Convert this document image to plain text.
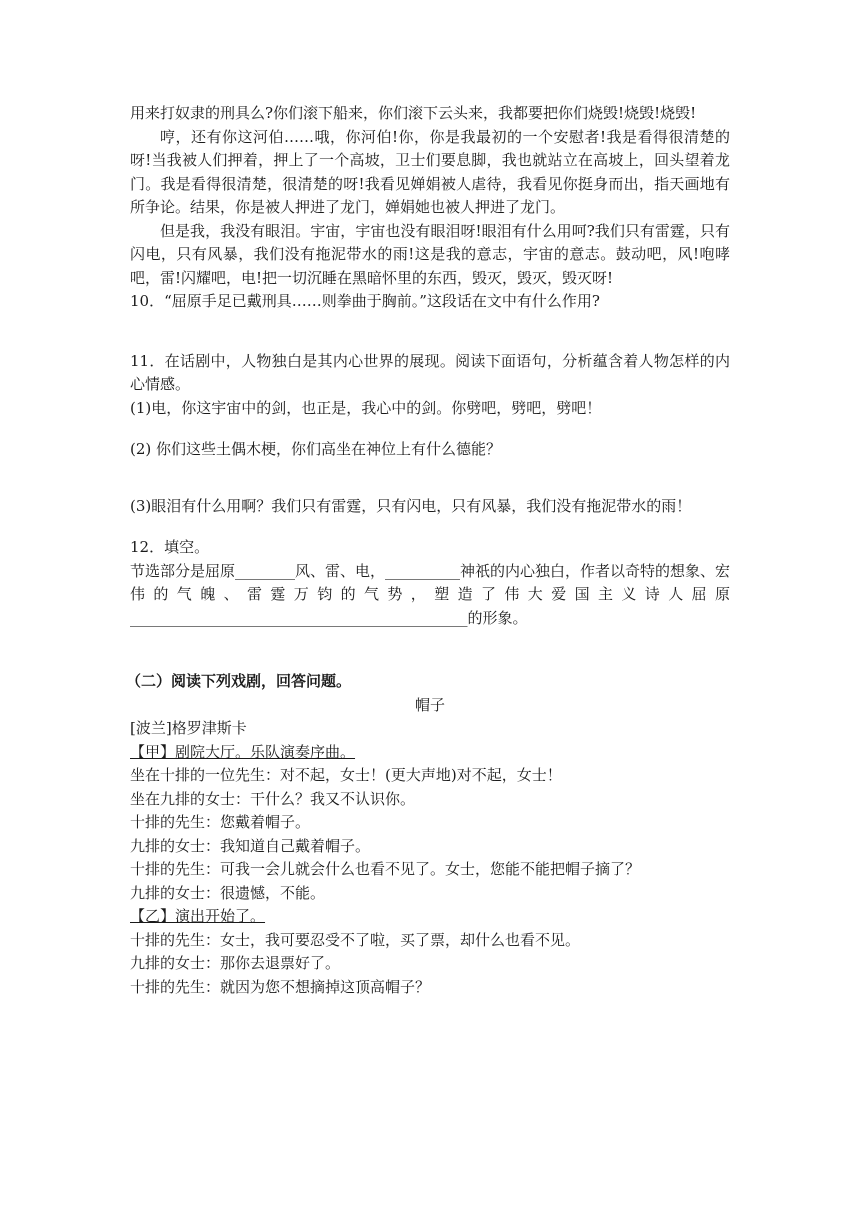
用来打奴隶的刑具么?你们滚下船来，你们滚下云头来，我都要把你们烧毁!烧毁!烧毁!

哼，还有你这河伯……哦，你河伯!你，你是我最初的一个安慰者!我是看得很清楚的呀!当我被人们押着，押上了一个高坡，卫士们要息脚，我也就站立在高坡上，回头望着龙门。我是看得很清楚，很清楚的呀!我看见婵娟被人虐待，我看见你挺身而出，指天画地有所争论。结果，你是被人押进了龙门，婵娟她也被人押进了龙门。

但是我，我没有眼泪。宇宙，宇宙也没有眼泪呀!眼泪有什么用呵?我们只有雷霆，只有闪电，只有风暴，我们没有拖泥带水的雨!这是我的意志，宇宙的意志。鼓动吧，风!咆哮吧，雷!闪耀吧，电!把一切沉睡在黑暗怀里的东西，毁灭，毁灭，毁灭呀!

10．“屈原手足已戴刑具……则拳曲于胸前。”这段话在文中有什么作用?

11．在话剧中，人物独白是其内心世界的展现。阅读下面语句，分析蕴含着人物怎样的内心情感。

(1)电，你这宇宙中的剑，也正是，我心中的剑。你劈吧，劈吧，劈吧！

(2) 你们这些土偶木梗，你们高坐在神位上有什么德能？

(3)眼泪有什么用啊？我们只有雷霆，只有闪电，只有风暴，我们没有拖泥带水的雨！

12．填空。

节选部分是屈原________风、雷、电，__________神祇的内心独白，作者以奇特的想象、宏伟的气魄、雷霆万钧的气势，塑造了伟大爱国主义诗人屈原_____________________________________________的形象。

（二）阅读下列戏剧，回答问题。

帽子

[波兰]格罗津斯卡

【甲】剧院大厅。乐队演奏序曲。

坐在十排的一位先生：对不起，女士！(更大声地)对不起，女士！

坐在九排的女士：干什么？我又不认识你。

十排的先生：您戴着帽子。

九排的女士：我知道自己戴着帽子。

十排的先生：可我一会儿就会什么也看不见了。女士，您能不能把帽子摘了？

九排的女士：很遗憾，不能。

【乙】演出开始了。

十排的先生：女士，我可要忍受不了啦，买了票，却什么也看不见。

九排的女士：那你去退票好了。

十排的先生：就因为您不想摘掉这顶高帽子？
